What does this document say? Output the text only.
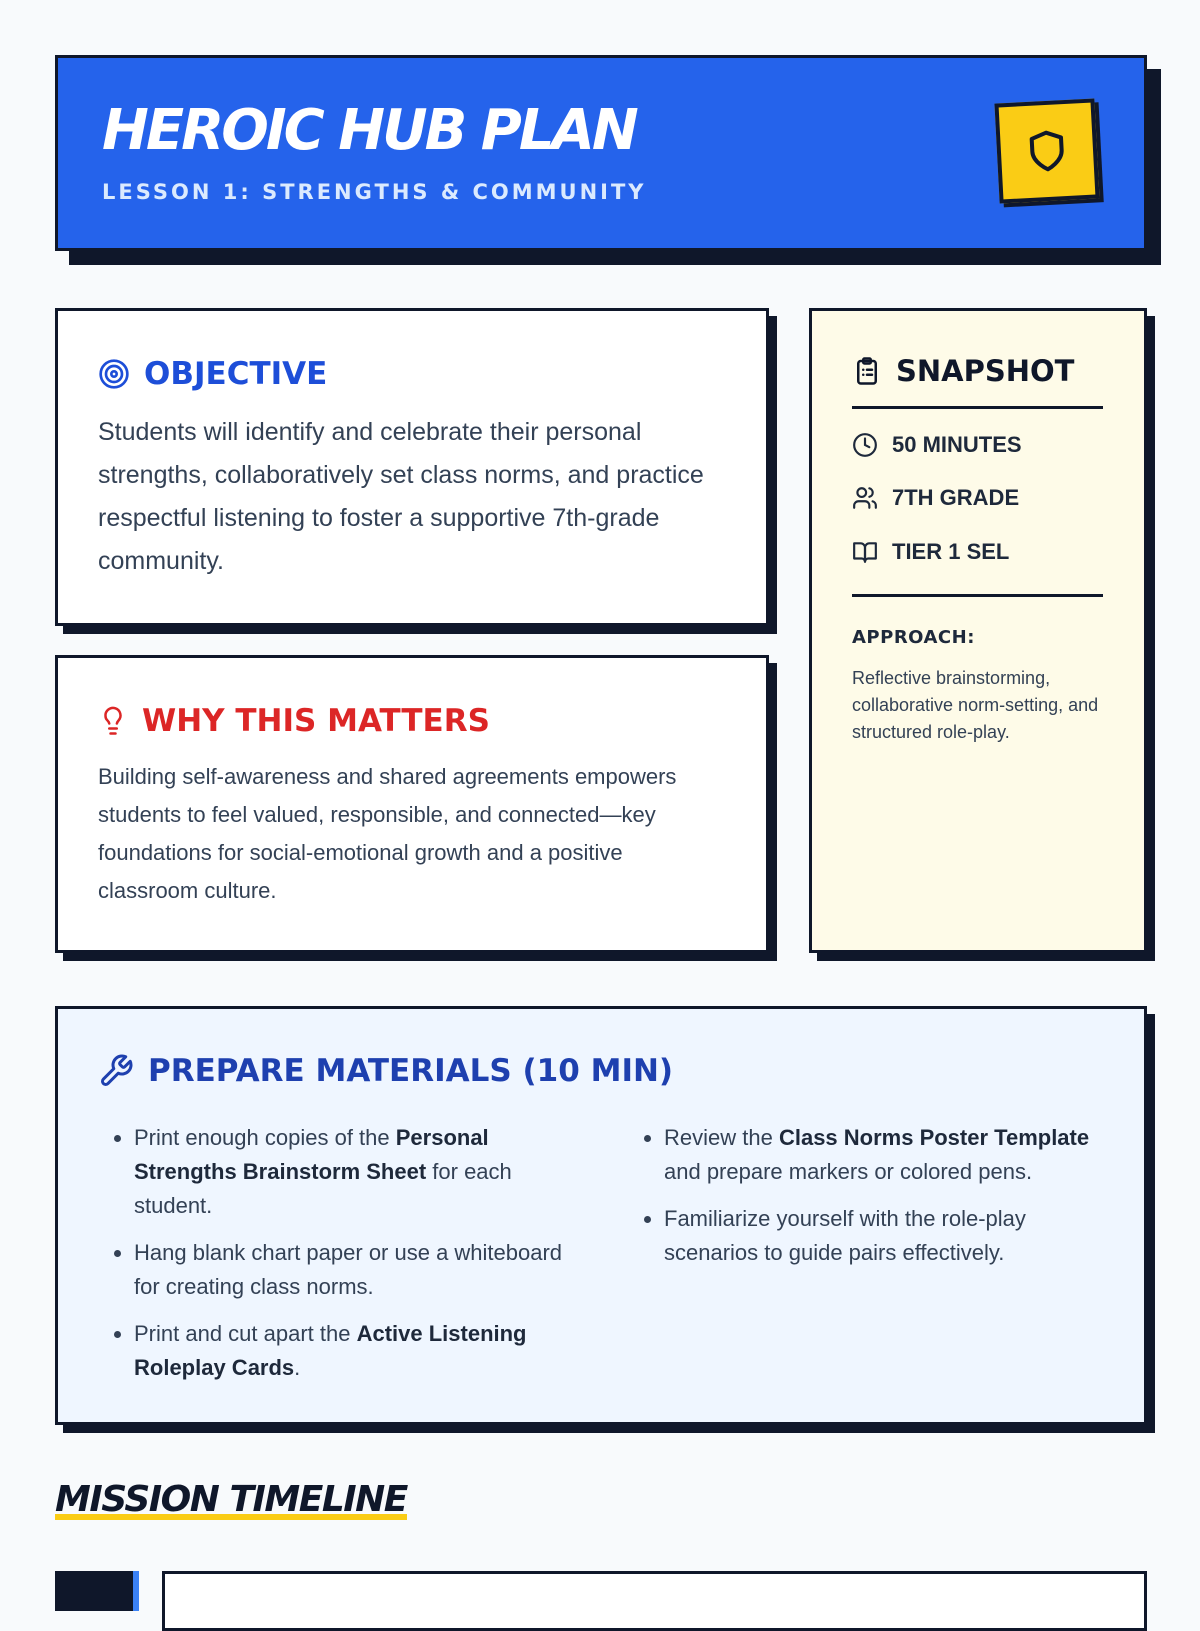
HEROIC HUB PLAN
LESSON 1: STRENGTHS & COMMUNITY
OBJECTIVE

Students will identify and celebrate their personal strengths, collaboratively set class norms, and practice respectful listening to foster a supportive 7th-grade community.

WHY THIS MATTERS

Building self-awareness and shared agreements empowers students to feel valued, responsible, and connected—key foundations for social-emotional growth and a positive classroom culture.

SNAPSHOT
50 MINUTES
7TH GRADE
TIER 1 SEL
APPROACH:

Reflective brainstorming, collaborative norm-setting, and structured role-play.

PREPARE MATERIALS (10 MIN)
• Print enough copies of the Personal Strengths Brainstorm Sheet for each student.
• Hang blank chart paper or use a whiteboard for creating class norms.
• Print and cut apart the Active Listening Roleplay Cards.
• Review the Class Norms Poster Template and prepare markers or colored pens.
• Familiarize yourself with the role-play scenarios to guide pairs effectively.
MISSION TIMELINE
